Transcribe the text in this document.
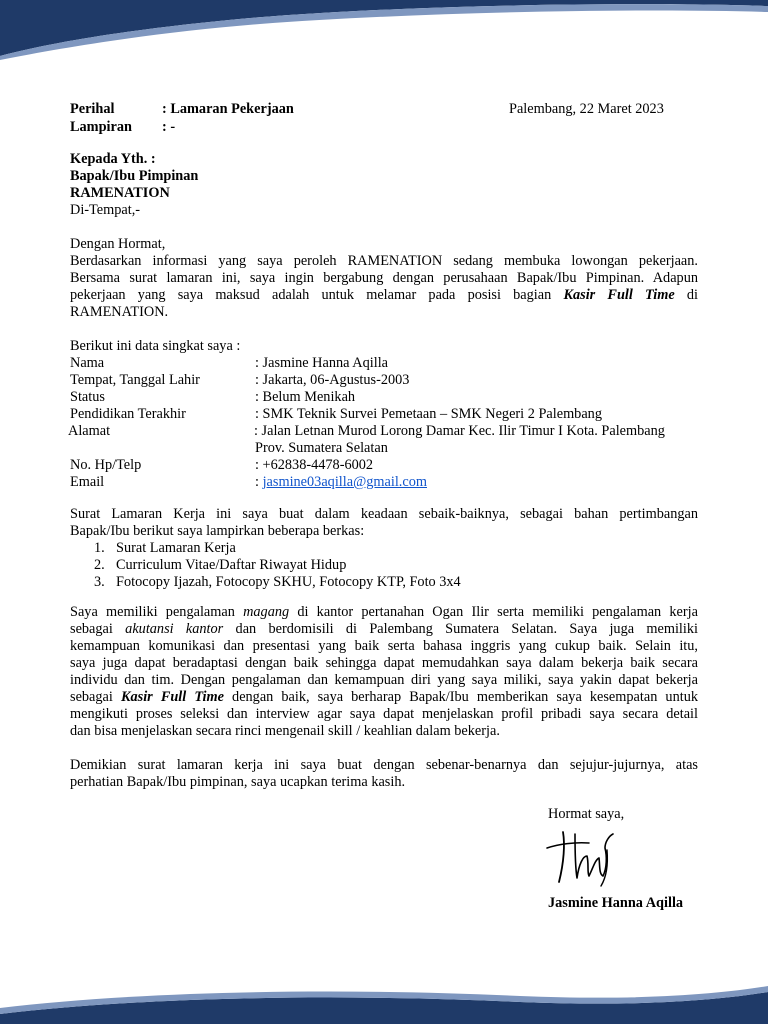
Perihal	: Lamaran Pekerjaan
Lampiran : -
Palembang, 22 Maret 2023
Kepada Yth. :
Bapak/Ibu Pimpinan
RAMENATION
Di-Tempat,-
Dengan Hormat,

Berdasarkan informasi yang saya peroleh RAMENATION sedang membuka lowongan pekerjaan.

Bersama surat lamaran ini, saya ingin bergabung dengan perusahaan Bapak/Ibu Pimpinan. Adapun

pekerjaan yang saya maksud adalah untuk melamar pada posisi bagian Kasir Full Time di

RAMENATION.

Berikut ini data singkat saya :
Nama	: Jasmine Hanna Aqilla
Tempat, Tanggal Lahir	: Jakarta, 06-Agustus-2003
Status	: Belum Menikah
Pendidikan Terakhir	: SMK Teknik Survei Pemetaan – SMK Negeri 2 Palembang
Alamat	: Jalan Letnan Murod Lorong Damar Kec. Ilir Timur I Kota. Palembang
Prov. Sumatera Selatan
No. Hp/Telp	: +62838-4478-6002
Email	: jasmine03aqilla@gmail.com

Surat Lamaran Kerja ini saya buat dalam keadaan sebaik-baiknya, sebagai bahan pertimbangan

Bapak/Ibu berikut saya lampirkan beberapa berkas:

1. Surat Lamaran Kerja
2. Curriculum Vitae/Daftar Riwayat Hidup
3. Fotocopy Ijazah, Fotocopy SKHU, Fotocopy KTP, Foto 3x4

Saya memiliki pengalaman magang di kantor pertanahan Ogan Ilir serta memiliki pengalaman kerja

sebagai akutansi kantor dan berdomisili di Palembang Sumatera Selatan. Saya juga memiliki

kemampuan komunikasi dan presentasi yang baik serta bahasa inggris yang cukup baik. Selain itu,

saya juga dapat beradaptasi dengan baik sehingga dapat memudahkan saya dalam bekerja baik secara

individu dan tim. Dengan pengalaman dan kemampuan diri yang saya miliki, saya yakin dapat bekerja

sebagai Kasir Full Time dengan baik, saya berharap Bapak/Ibu memberikan saya kesempatan untuk

mengikuti proses seleksi dan interview agar saya dapat menjelaskan profil pribadi saya secara detail

dan bisa menjelaskan secara rinci mengenail skill / keahlian dalam bekerja.

Demikian surat lamaran kerja ini saya buat dengan sebenar-benarnya dan sejujur-jujurnya, atas

perhatian Bapak/Ibu pimpinan, saya ucapkan terima kasih.

Hormat saya,
Jasmine Hanna Aqilla
